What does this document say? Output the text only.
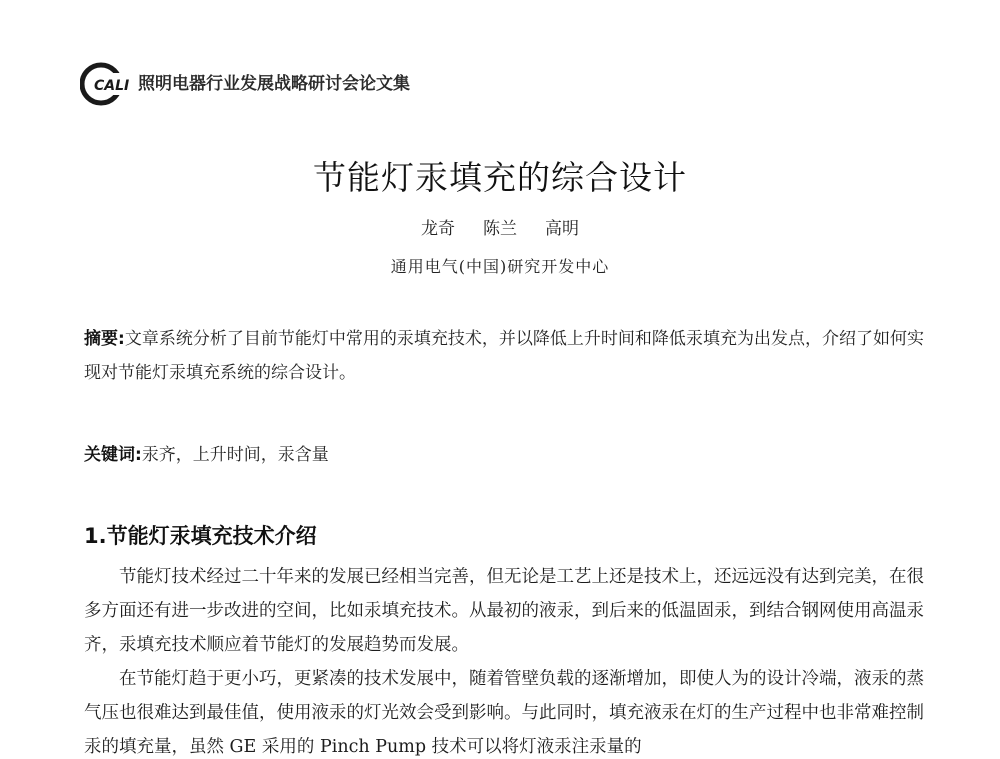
CALI 照明电器行业发展战略研讨会论文集
节能灯汞填充的综合设计
龙奇 陈兰 高明
通用电气(中国)研究开发中心
摘要:文章系统分析了目前节能灯中常用的汞填充技术，并以降低上升时间和降低汞填充为出发点，介绍了如何实现对节能灯汞填充系统的综合设计。
关键词:汞齐，上升时间，汞含量
1.节能灯汞填充技术介绍

节能灯技术经过二十年来的发展已经相当完善，但无论是工艺上还是技术上，还远远没有达到完美，在很多方面还有进一步改进的空间，比如汞填充技术。从最初的液汞，到后来的低温固汞，到结合钢网使用高温汞齐，汞填充技术顺应着节能灯的发展趋势而发展。

在节能灯趋于更小巧，更紧凑的技术发展中，随着管壁负载的逐渐增加，即使人为的设计冷端，液汞的蒸气压也很难达到最佳值，使用液汞的灯光效会受到影响。与此同时，填充液汞在灯的生产过程中也非常难控制汞的填充量，虽然 GE 采用的 Pinch Pump 技术可以将灯液汞注汞量的
